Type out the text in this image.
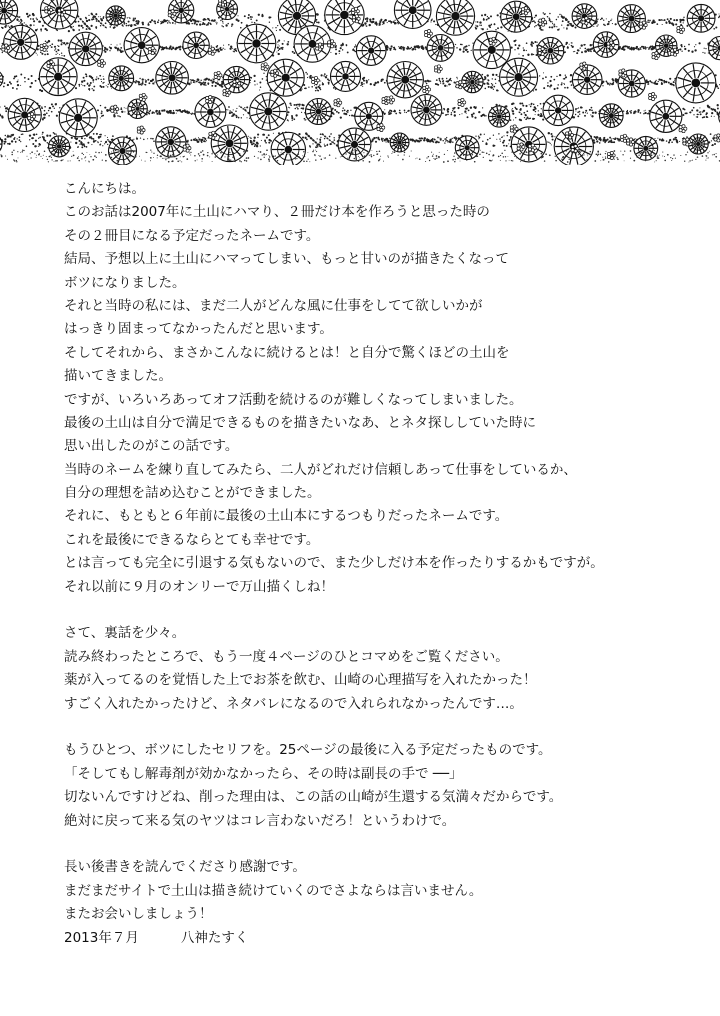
こんにちは。
このお話は2007年に土山にハマり、２冊だけ本を作ろうと思った時の
その２冊目になる予定だったネームです。
結局、予想以上に土山にハマってしまい、もっと甘いのが描きたくなって
ボツになりました。
それと当時の私には、まだ二人がどんな風に仕事をしてて欲しいかが
はっきり固まってなかったんだと思います。
そしてそれから、まさかこんなに続けるとは！と自分で驚くほどの土山を
描いてきました。
ですが、いろいろあってオフ活動を続けるのが難しくなってしまいました。
最後の土山は自分で満足できるものを描きたいなあ、とネタ探ししていた時に
思い出したのがこの話です。
当時のネームを練り直してみたら、二人がどれだけ信頼しあって仕事をしているか、
自分の理想を詰め込むことができました。
それに、もともと６年前に最後の土山本にするつもりだったネームです。
これを最後にできるならとても幸せです。
とは言っても完全に引退する気もないので、また少しだけ本を作ったりするかもですが。
それ以前に９月のオンリーで万山描くしね！
さて、裏話を少々。
読み終わったところで、もう一度４ページのひとコマめをご覧ください。
薬が入ってるのを覚悟した上でお茶を飲む、山崎の心理描写を入れたかった！
すごく入れたかったけど、ネタバレになるので入れられなかったんです…。
もうひとつ、ボツにしたセリフを。25ページの最後に入る予定だったものです。
「そしてもし解毒剤が効かなかったら、その時は副長の手で ──」
切ないんですけどね、削った理由は、この話の山崎が生還する気満々だからです。
絶対に戻って来る気のヤツはコレ言わないだろ！というわけで。
長い後書きを読んでくださり感謝です。
まだまだサイトで土山は描き続けていくのでさよならは言いません。
またお会いしましょう！
2013年７月	八神たすく
